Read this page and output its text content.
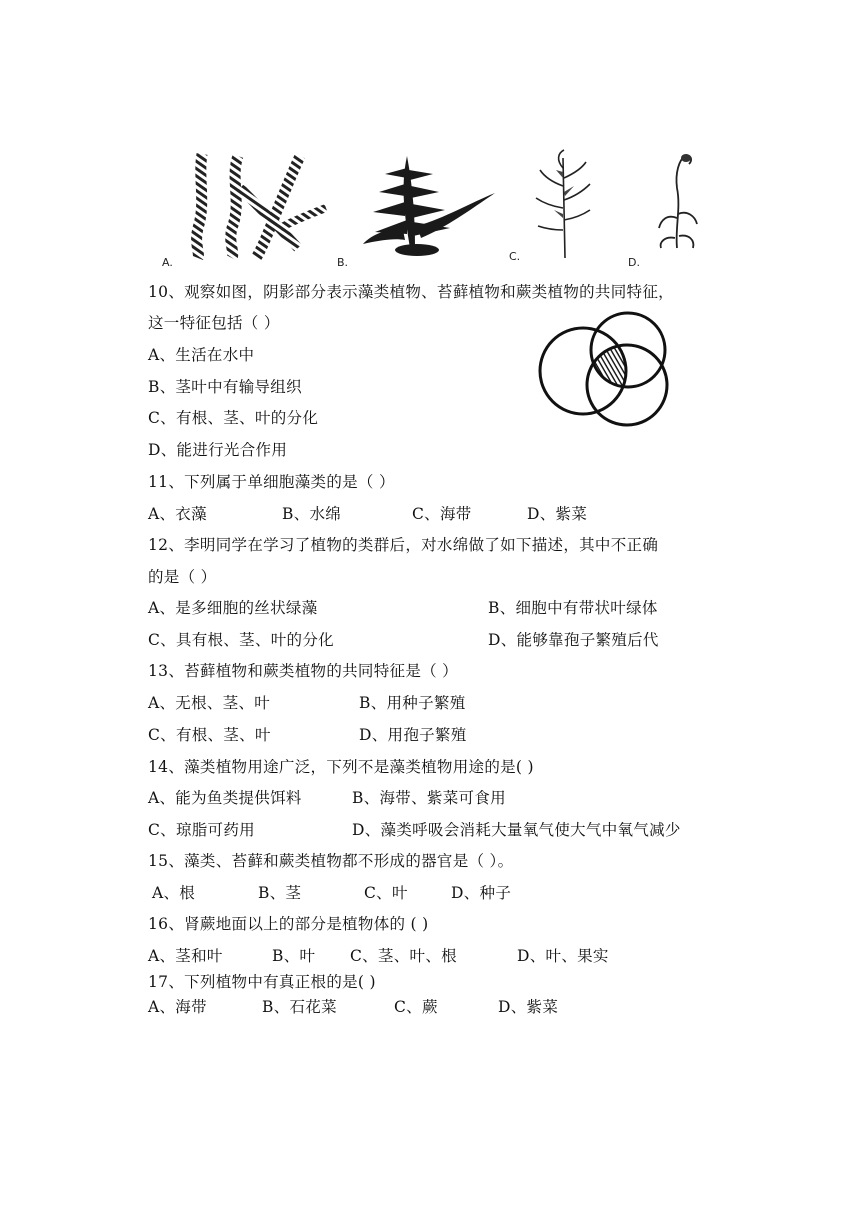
A.	B.	C.	D.
10、观察如图，阴影部分表示藻类植物、苔藓植物和蕨类植物的共同特征，
这一特征包括（ ）
A、生活在水中
B、茎叶中有输导组织
C、有根、茎、叶的分化
D、能进行光合作用
11、下列属于单细胞藻类的是（ ）
A、衣藻	B、水绵	C、海带	D、紫菜
12、李明同学在学习了植物的类群后，对水绵做了如下描述，其中不正确
的是（ ）
A、是多细胞的丝状绿藻	B、细胞中有带状叶绿体
C、具有根、茎、叶的分化	D、能够靠孢子繁殖后代
13、苔藓植物和蕨类植物的共同特征是（ ）
A、无根、茎、叶	B、用种子繁殖
C、有根、茎、叶	D、用孢子繁殖
14、藻类植物用途广泛，下列不是藻类植物用途的是( )
A、能为鱼类提供饵料	B、海带、紫菜可食用
C、琼脂可药用	D、藻类呼吸会消耗大量氧气使大气中氧气减少
15、藻类、苔藓和蕨类植物都不形成的器官是（ ）。
A、根	B、茎	C、叶	D、种子
16、肾蕨地面以上的部分是植物体的 ( )
A、茎和叶	B、叶 C、茎、叶、根	D、叶、果实
17、下列植物中有真正根的是( )
A、海带	B、石花菜	C、蕨	D、紫菜
